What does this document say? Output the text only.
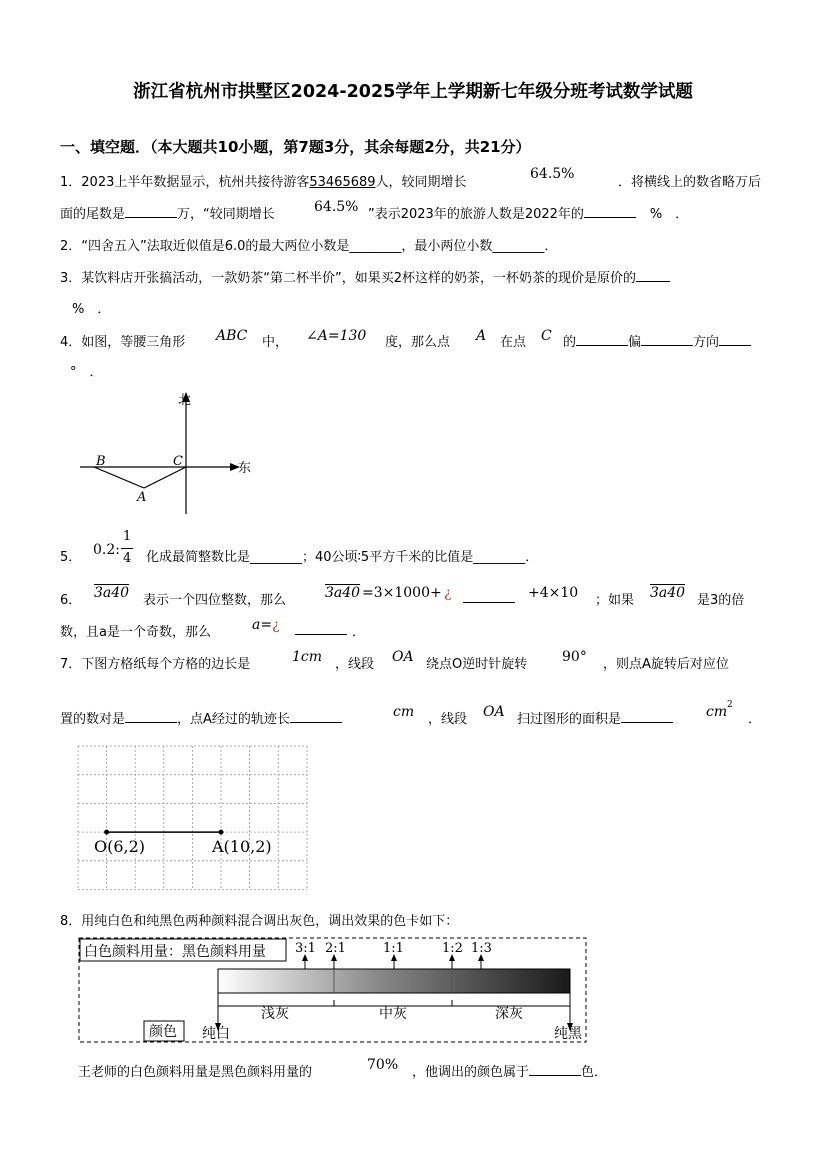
浙江省杭州市拱墅区2024-2025学年上学期新七年级分班考试数学试题
一、填空题．（本大题共10小题，第7题3分，其余每题2分，共21分）
1．2023上半年数据显示，杭州共接待游客53465689人，较同期增长
64.5%
．将横线上的数省略万后
面的尾数是	万，“较同期增长	64.5% ”表示2023年的旅游人数是2022年的	%　．
2．“四舍五入”法取近似值是6.0的最大两位小数是________，最小两位小数________．
3．某饮料店开张搞活动，一款奶茶“第二杯半价”，如果买2杯这样的奶茶，一杯奶茶的现价是原价的
%　．
4．如图，等腰三角形 ABC 中， ∠A=130 度，那么点 A 在点 C 的	偏	方向
°　．
北
东
B	C
A
5． 0.2:
1
4 化成最简整数比是________；40公顷∶5平方千米的比值是________．
6． 3a40 表示一个四位整数，那么	3a40 =3×1000+ ¿	+4×10 ；如果 3a40 是3的倍
数，且a是一个奇数，那么	a=¿	．
7．下图方格纸每个方格的边长是	1cm ，线段 OA 绕点O逆时针旋转 90° ，则点A旋转后对应位
置的数对是	，点A经过的轨迹长	cm ，线段 OA 扫过图形的面积是	cm 2
．
O(6,2)	A(10,2)
8．用纯白色和纯黑色两种颜料混合调出灰色，调出效果的色卡如下：
白色颜料用量：黑色颜料用量 3:1 2:1	1:1	1:2 1:3
浅灰	中灰	深灰
颜色 纯白	纯黑
王老师的白色颜料用量是黑色颜料用量的	70% ，他调出的颜色属于	色．
